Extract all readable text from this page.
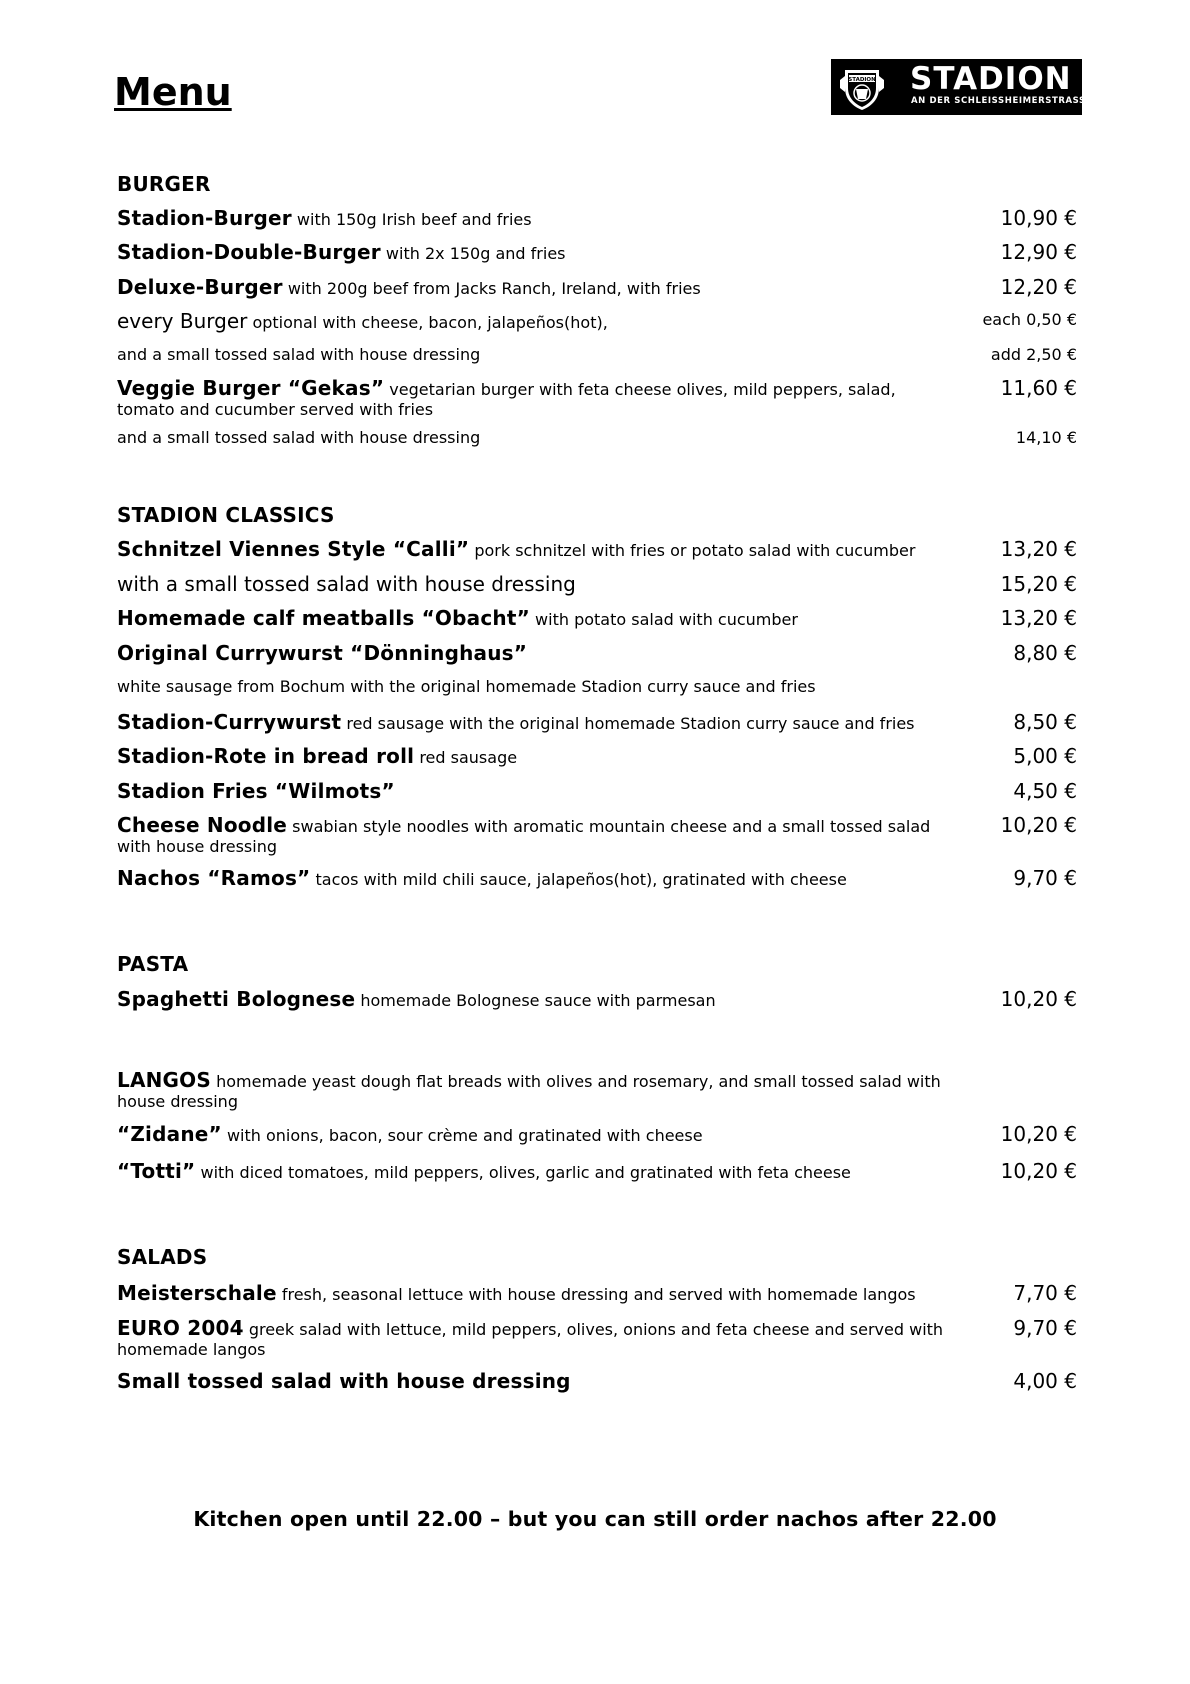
Menu	STADION STADION
AN DER SCHLEISSHEIMERSTRASSE
BURGER
Stadion-Burger with 150g Irish beef and fries	10,90 €
Stadion-Double-Burger with 2x 150g and fries	12,90 €
Deluxe-Burger with 200g beef from Jacks Ranch, Ireland, with fries	12,20 €
every Burger optional with cheese, bacon, jalapeños(hot),	each 0,50 €
and a small tossed salad with house dressing	add 2,50 €
Veggie Burger “Gekas” vegetarian burger with feta cheese olives, mild peppers, salad, tomato and cucumber served with fries
11,60 €
and a small tossed salad with house dressing	14,10 €
STADION CLASSICS
Schnitzel Viennes Style “Calli” pork schnitzel with fries or potato salad with cucumber	13,20 €
with a small tossed salad with house dressing	15,20 €
Homemade calf meatballs “Obacht” with potato salad with cucumber	13,20 €
Original Currywurst “Dönninghaus”	8,80 €
white sausage from Bochum with the original homemade Stadion curry sauce and fries
Stadion-Currywurst red sausage with the original homemade Stadion curry sauce and fries	8,50 €
Stadion-Rote in bread roll red sausage	5,00 €
Stadion Fries “Wilmots”	4,50 €
Cheese Noodle swabian style noodles with aromatic mountain cheese and a small tossed salad with house dressing
10,20 €
Nachos “Ramos” tacos with mild chili sauce, jalapeños(hot), gratinated with cheese	9,70 €
PASTA
Spaghetti Bolognese homemade Bolognese sauce with parmesan	10,20 €
LANGOS homemade yeast dough flat breads with olives and rosemary, and small tossed salad with house dressing
“Zidane” with onions, bacon, sour crème and gratinated with cheese	10,20 €
“Totti” with diced tomatoes, mild peppers, olives, garlic and gratinated with feta cheese	10,20 €
SALADS
Meisterschale fresh, seasonal lettuce with house dressing and served with homemade langos	7,70 €
EURO 2004 greek salad with lettuce, mild peppers, olives, onions and feta cheese and served with homemade langos
9,70 €
Small tossed salad with house dressing	4,00 €
Kitchen open until 22.00 – but you can still order nachos after 22.00
